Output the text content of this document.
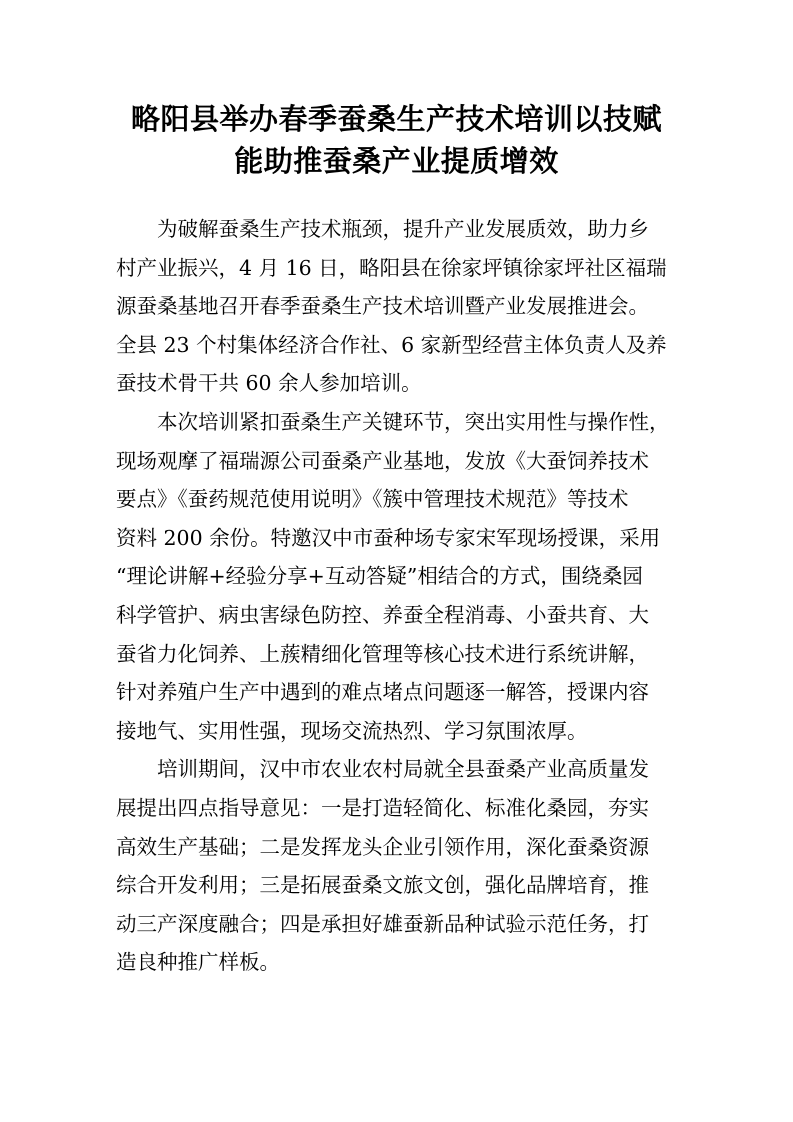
略阳县举办春季蚕桑生产技术培训以技赋
能助推蚕桑产业提质增效

为破解蚕桑生产技术瓶颈，提升产业发展质效，助力乡
村产业振兴，4 月 16 日，略阳县在徐家坪镇徐家坪社区福瑞
源蚕桑基地召开春季蚕桑生产技术培训暨产业发展推进会。
全县 23 个村集体经济合作社、6 家新型经营主体负责人及养
蚕技术骨干共 60 余人参加培训。

本次培训紧扣蚕桑生产关键环节，突出实用性与操作性，
现场观摩了福瑞源公司蚕桑产业基地，发放《大蚕饲养技术
要点》《蚕药规范使用说明》《簇中管理技术规范》等技术
资料 200 余份。特邀汉中市蚕种场专家宋军现场授课，采用
“理论讲解+经验分享+互动答疑”相结合的方式，围绕桑园
科学管护、病虫害绿色防控、养蚕全程消毒、小蚕共育、大
蚕省力化饲养、上蔟精细化管理等核心技术进行系统讲解，
针对养殖户生产中遇到的难点堵点问题逐一解答，授课内容
接地气、实用性强，现场交流热烈、学习氛围浓厚。

培训期间，汉中市农业农村局就全县蚕桑产业高质量发
展提出四点指导意见：一是打造轻简化、标准化桑园，夯实
高效生产基础；二是发挥龙头企业引领作用，深化蚕桑资源
综合开发利用；三是拓展蚕桑文旅文创，强化品牌培育，推
动三产深度融合；四是承担好雄蚕新品种试验示范任务，打
造良种推广样板。
